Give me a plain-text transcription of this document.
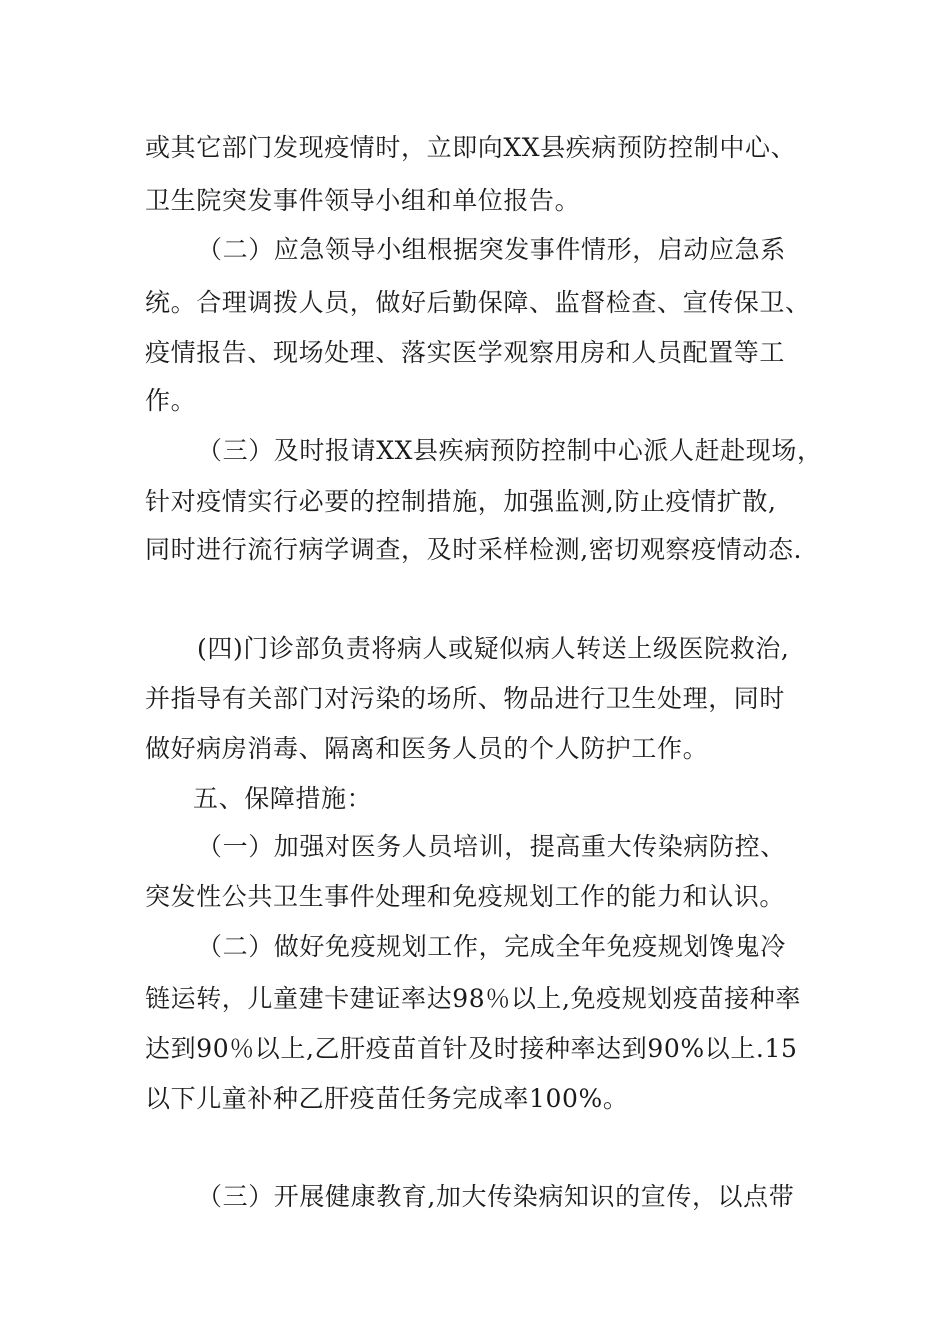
或其它部门发现疫情时，立即向XX县疾病预防控制中心、
卫生院突发事件领导小组和单位报告。
（二）应急领导小组根据突发事件情形，启动应急系
统。合理调拨人员，做好后勤保障、监督检查、宣传保卫、
疫情报告、现场处理、落实医学观察用房和人员配置等工
作。
（三）及时报请XX县疾病预防控制中心派人赶赴现场，
针对疫情实行必要的控制措施，加强监测,防止疫情扩散,
同时进行流行病学调查，及时采样检测,密切观察疫情动态.
(四)门诊部负责将病人或疑似病人转送上级医院救治,
并指导有关部门对污染的场所、物品进行卫生处理，同时
做好病房消毒、隔离和医务人员的个人防护工作。
五、保障措施：
（一）加强对医务人员培训，提高重大传染病防控、
突发性公共卫生事件处理和免疫规划工作的能力和认识。
（二）做好免疫规划工作，完成全年免疫规划馋鬼冷
链运转，儿童建卡建证率达98％以上,免疫规划疫苗接种率
达到90％以上,乙肝疫苗首针及时接种率达到90%以上.15
以下儿童补种乙肝疫苗任务完成率100%。
（三）开展健康教育,加大传染病知识的宣传，以点带
